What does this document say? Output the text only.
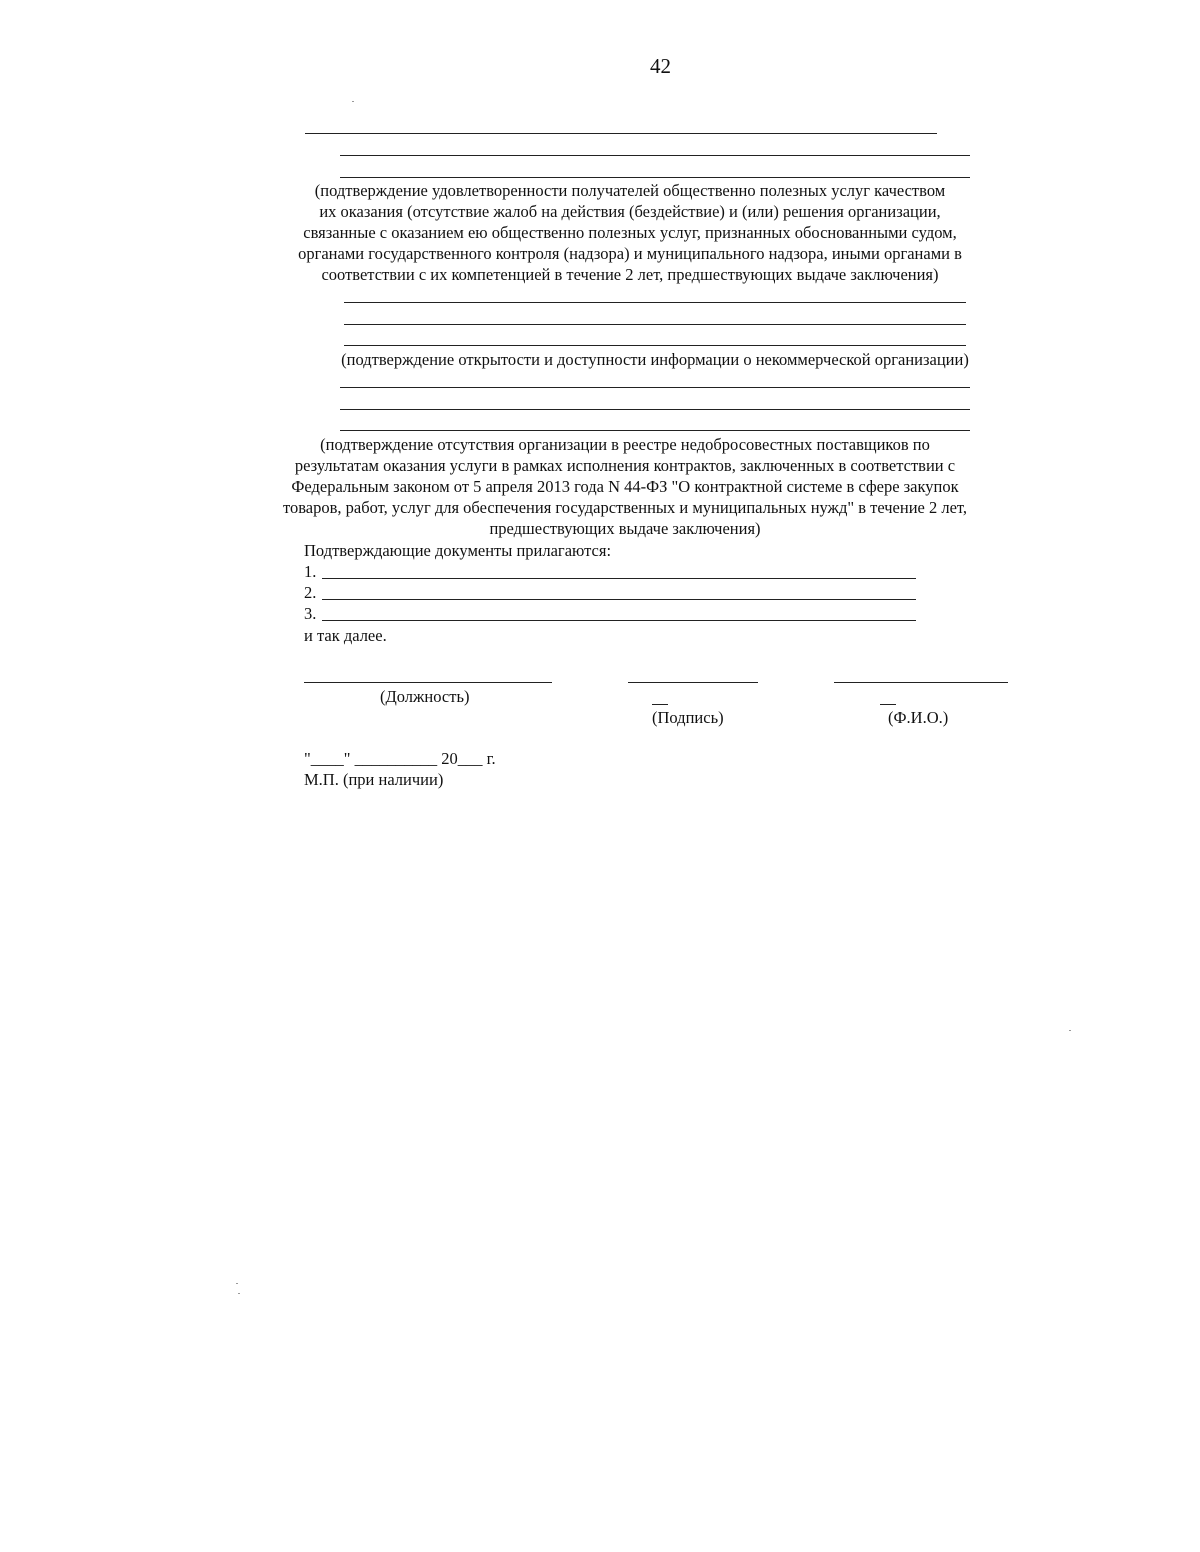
42
(подтверждение удовлетворенности получателей общественно полезных услуг качеством
их оказания (отсутствие жалоб на действия (бездействие) и (или) решения организации,
связанные с оказанием ею общественно полезных услуг, признанных обоснованными судом,
органами государственного контроля (надзора) и муниципального надзора, иными органами в
соответствии с их компетенцией в течение 2 лет, предшествующих выдаче заключения)
(подтверждение открытости и доступности информации о некоммерческой организации)
(подтверждение отсутствия организации в реестре недобросовестных поставщиков по
результатам оказания услуги в рамках исполнения контрактов, заключенных в соответствии с
Федеральным законом от 5 апреля 2013 года N 44-ФЗ "О контрактной системе в сфере закупок
товаров, работ, услуг для обеспечения государственных и муниципальных нужд" в течение 2 лет,
предшествующих выдаче заключения)
Подтверждающие документы прилагаются:
1.
2.
3.
и так далее.
(Должность)
(Подпись)	(Ф.И.О.)
"____" __________ 20___ г.
М.П. (при наличии)
